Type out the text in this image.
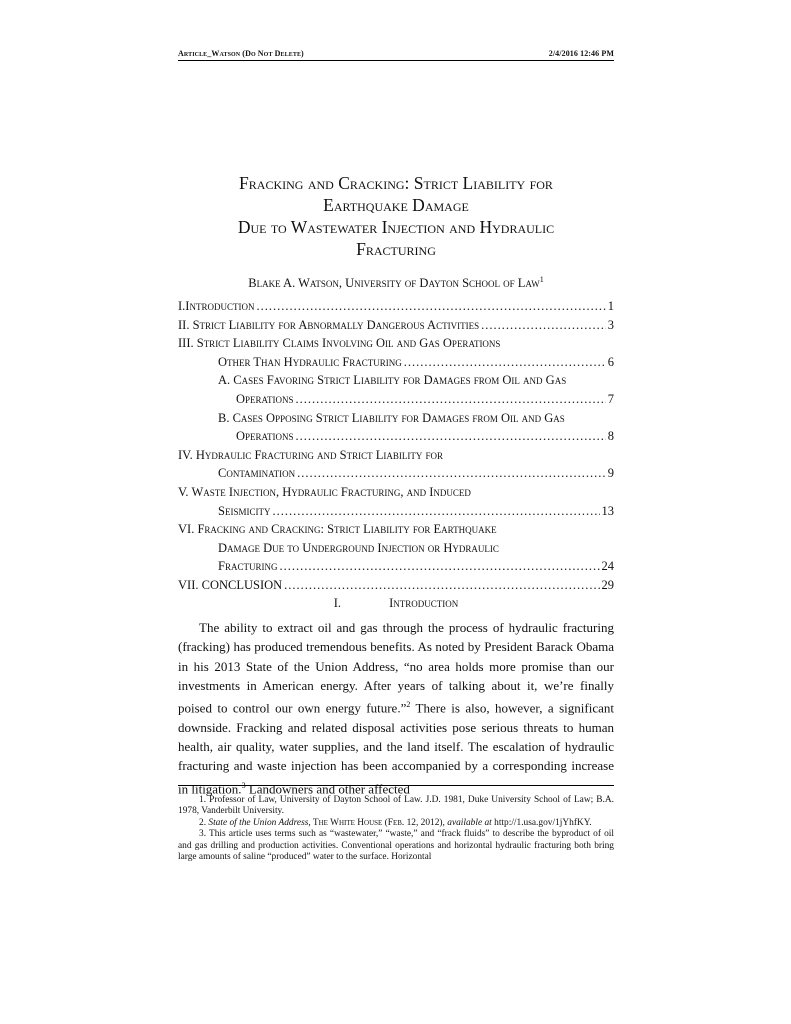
Article_Watson (Do Not Delete)	2/4/2016 12:46 PM
Fracking and Cracking: Strict Liability for
Earthquake Damage
Due to Wastewater Injection and Hydraulic
Fracturing

Blake A. Watson, University of Dayton School of Law$^1$

I.Introduction .....	1
II. Strict Liability for Abnormally Dangerous Activities .....	3
III. Strict Liability Claims Involving Oil and Gas Operations
Other Than Hydraulic Fracturing .....	6
A. Cases Favoring Strict Liability for Damages from Oil and Gas
Operations .....	7
B. Cases Opposing Strict Liability for Damages from Oil and Gas
Operations .....	8
IV. Hydraulic Fracturing and Strict Liability for
Contamination .....	9
V. Waste Injection, Hydraulic Fracturing, and Induced
Seismicity .....	13
VI. Fracking and Cracking: Strict Liability for Earthquake
Damage Due to Underground Injection or Hydraulic
Fracturing .....	24
VII. CONCLUSION .....	29
I.	Introduction

The ability to extract oil and gas through the process of hydraulic fracturing (fracking) has produced tremendous benefits. As noted by President Barack Obama in his 2013 State of the Union Address, “no area holds more promise than our investments in American energy. After years of talking about it, we’re finally poised to control our own energy future.”$^2$ There is also, however, a significant downside. Fracking and related disposal activities pose serious threats to human health, air quality, water supplies, and the land itself. The escalation of hydraulic fracturing and waste injection has been accompanied by a corresponding increase in litigation.$^3$ Landowners and other affected

1. Professor of Law, University of Dayton School of Law. J.D. 1981, Duke University School of Law; B.A. 1978, Vanderbilt University.

2. State of the Union Address, The White House (Feb. 12, 2012), available at http://1.usa.gov/1jYhfKY.

3. This article uses terms such as “wastewater,” “waste,” and “frack fluids” to describe the byproduct of oil and gas drilling and production activities. Conventional operations and horizontal hydraulic fracturing both bring large amounts of saline “produced” water to the surface. Horizontal
